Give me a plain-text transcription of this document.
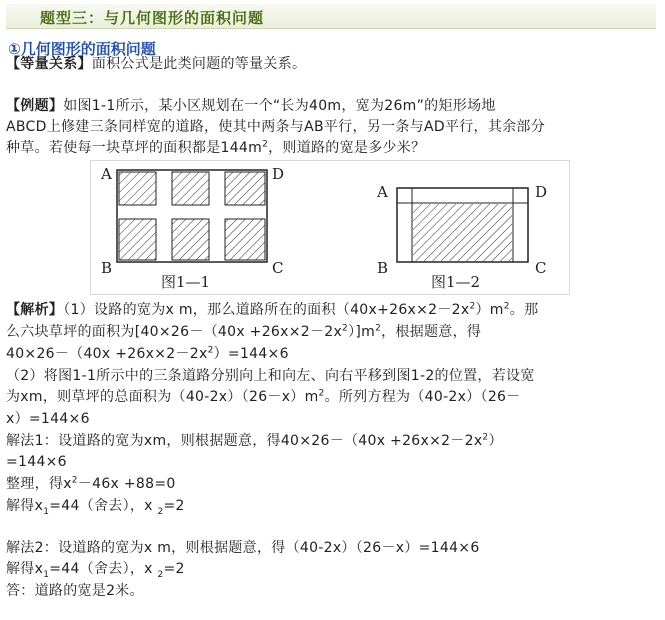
题型三：与几何图形的面积问题
①几何图形的面积问题
【等量关系】面积公式是此类问题的等量关系。
【例题】如图1-1所示，某小区规划在一个“长为40m，宽为26m”的矩形场地
ABCD上修建三条同样宽的道路，使其中两条与AB平行，另一条与AD平行，其余部分
种草。若使每一块草坪的面积都是$144m^2$，则道路的宽是多少米？
A	D
B	C
图1—1
A	D
B	C
图1—2
【解析】（1）设路的宽为x m，那么道路所在的面积$(40x+26x\times 2-2x^2)m^2$。那
么六块草坪的面积为$[40\times 26-(40x +26x\times 2-2x^2)]m^2$，根据题意，得
$40\times 26-(40x +26x\times 2-2x^2)=144\times 6$
（2）将图1-1所示中的三条道路分别向上和向左、向右平移到图1-2的位置，若设宽
为xm，则草坪的总面积为$(40-2x)(26-x)m^2$。所列方程为（40-2x）（26－
x）=144×6
解法1：设道路的宽为xm，则根据题意，得$40\times 26-(40x +26x\times 2-2x^2)$
=144×6
整理，得$x^2-46x +88=0$
解得$x_1=44$（舍去），x $_2$=2
解法2：设道路的宽为x m，则根据题意，得（40-2x）（26－x）=144×6
解得$x_1=44$（舍去），x $_2$=2
答：道路的宽是2米。
